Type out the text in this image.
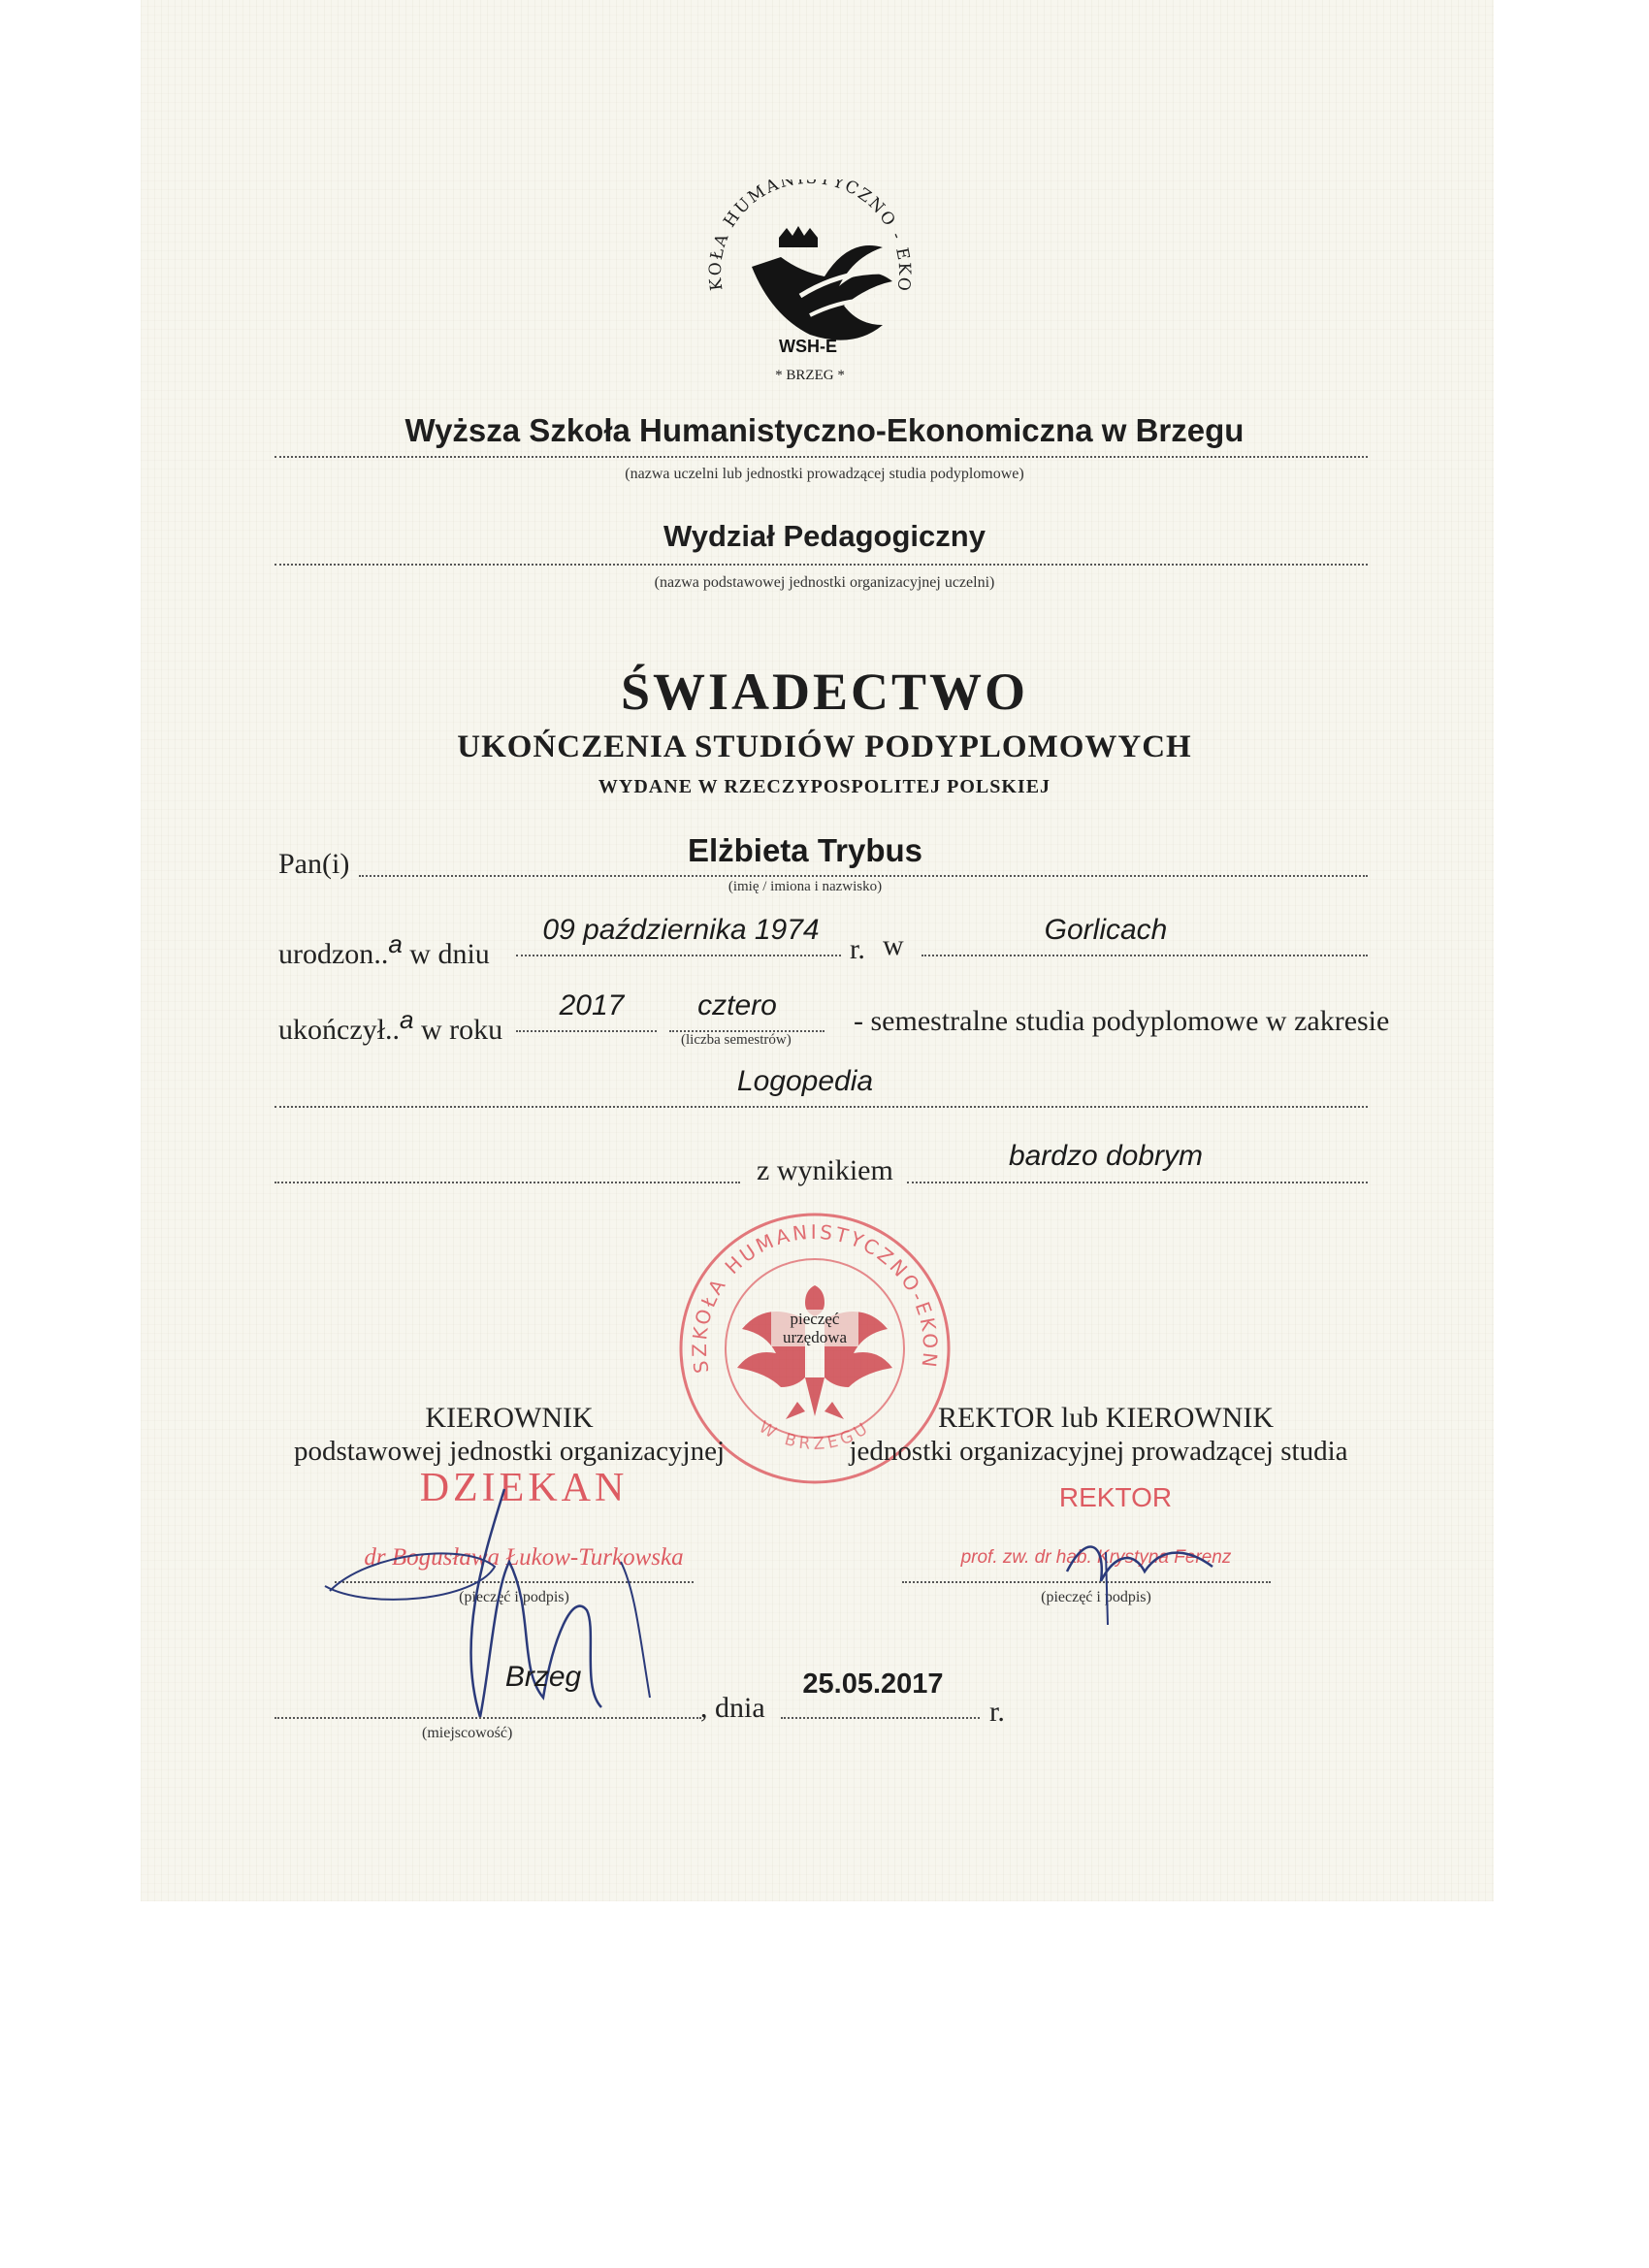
KOŁA HUMAN TYCZNO - EKO
WSH-E
* BRZEG *
Wyższa Szkoła Humanistyczno-Ekonomiczna w Brzegu
(nazwa uczelni lub jednostki prowadzącej studia podyplomowe)
Wydział Pedagogiczny
(nazwa podstawowej jednostki organizacyjnej uczelni)
ŚWIADECTWO
UKOŃCZENIA STUDIÓW PODYPLOMOWYCH
WYDANE W RZECZYPOSPOLITEJ POLSKIEJ
Pan(i)	Elżbieta Trybus
(imię / imiona i nazwisko)
urodzon..$^a$ w dniu
09 października 1974
r. w	Gorlicach
ukończył..$^a$ w roku
2017	cztero
(liczba semestrów)
- semestralne studia podyplomowe w zakresie
Logopedia
z wynikiem	bardzo dobrym
SZKOŁA HUMANISTYCZNO-EKON
W BRZEGU
pieczęć urzędowa
KIEROWNIK
podstawowej jednostki organizacyjnej
DZIEKAN
dr Bogusława Łukow-Turkowska
(pieczęć i podpis)
REKTOR lub KIEROWNIK
jednostki organizacyjnej prowadzącej studia
REKTOR
prof. zw. dr hab. Krystyna Ferenz
(pieczęć i podpis)
Brzeg
(miejscowość)
, dnia
25.05.2017
r.
